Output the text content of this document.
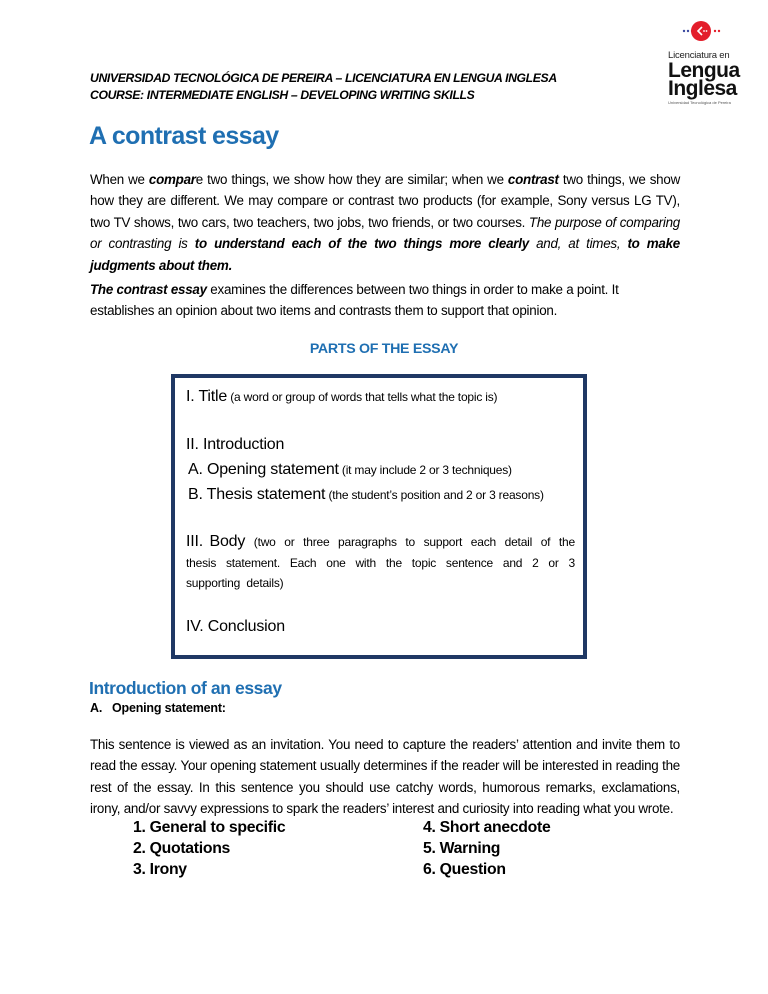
UNIVERSIDAD TECNOLÓGICA DE PEREIRA – LICENCIATURA EN LENGUA INGLESA
COURSE: INTERMEDIATE ENGLISH – DEVELOPING WRITING SKILLS
Licenciatura en
Lengua
Inglesa
Universidad Tecnológica de Pereira
A contrast essay
When we compare two things, we show how they are similar; when we contrast two things, we show how they are different. We may compare or contrast two products (for example, Sony versus LG TV), two TV shows, two cars, two teachers, two jobs, two friends, or two courses. The purpose of comparing or contrasting is to understand each of the two things more clearly and, at times, to make judgments about them.
The contrast essay examines the differences between two things in order to make a point. It establishes an opinion about two items and contrasts them to support that opinion.
PARTS OF THE ESSAY
I. Title (a word or group of words that tells what the topic is)
II. Introduction
A. Opening statement (it may include 2 or 3 techniques)
B. Thesis statement (the student’s position and 2 or 3 reasons)
III. Body (two or three paragraphs to support each detail of the thesis statement. Each one with the topic sentence and 2 or 3 supporting details)
IV. Conclusion
Introduction of an essay
A. Opening statement:
This sentence is viewed as an invitation. You need to capture the readers’ attention and invite them to read the essay. Your opening statement usually determines if the reader will be interested in reading the rest of the essay. In this sentence you should use catchy words, humorous remarks, exclamations, irony, and/or savvy expressions to spark the readers’ interest and curiosity into reading what you wrote.
1. General to specific
2. Quotations
3. Irony
4. Short anecdote
5. Warning
6. Question
